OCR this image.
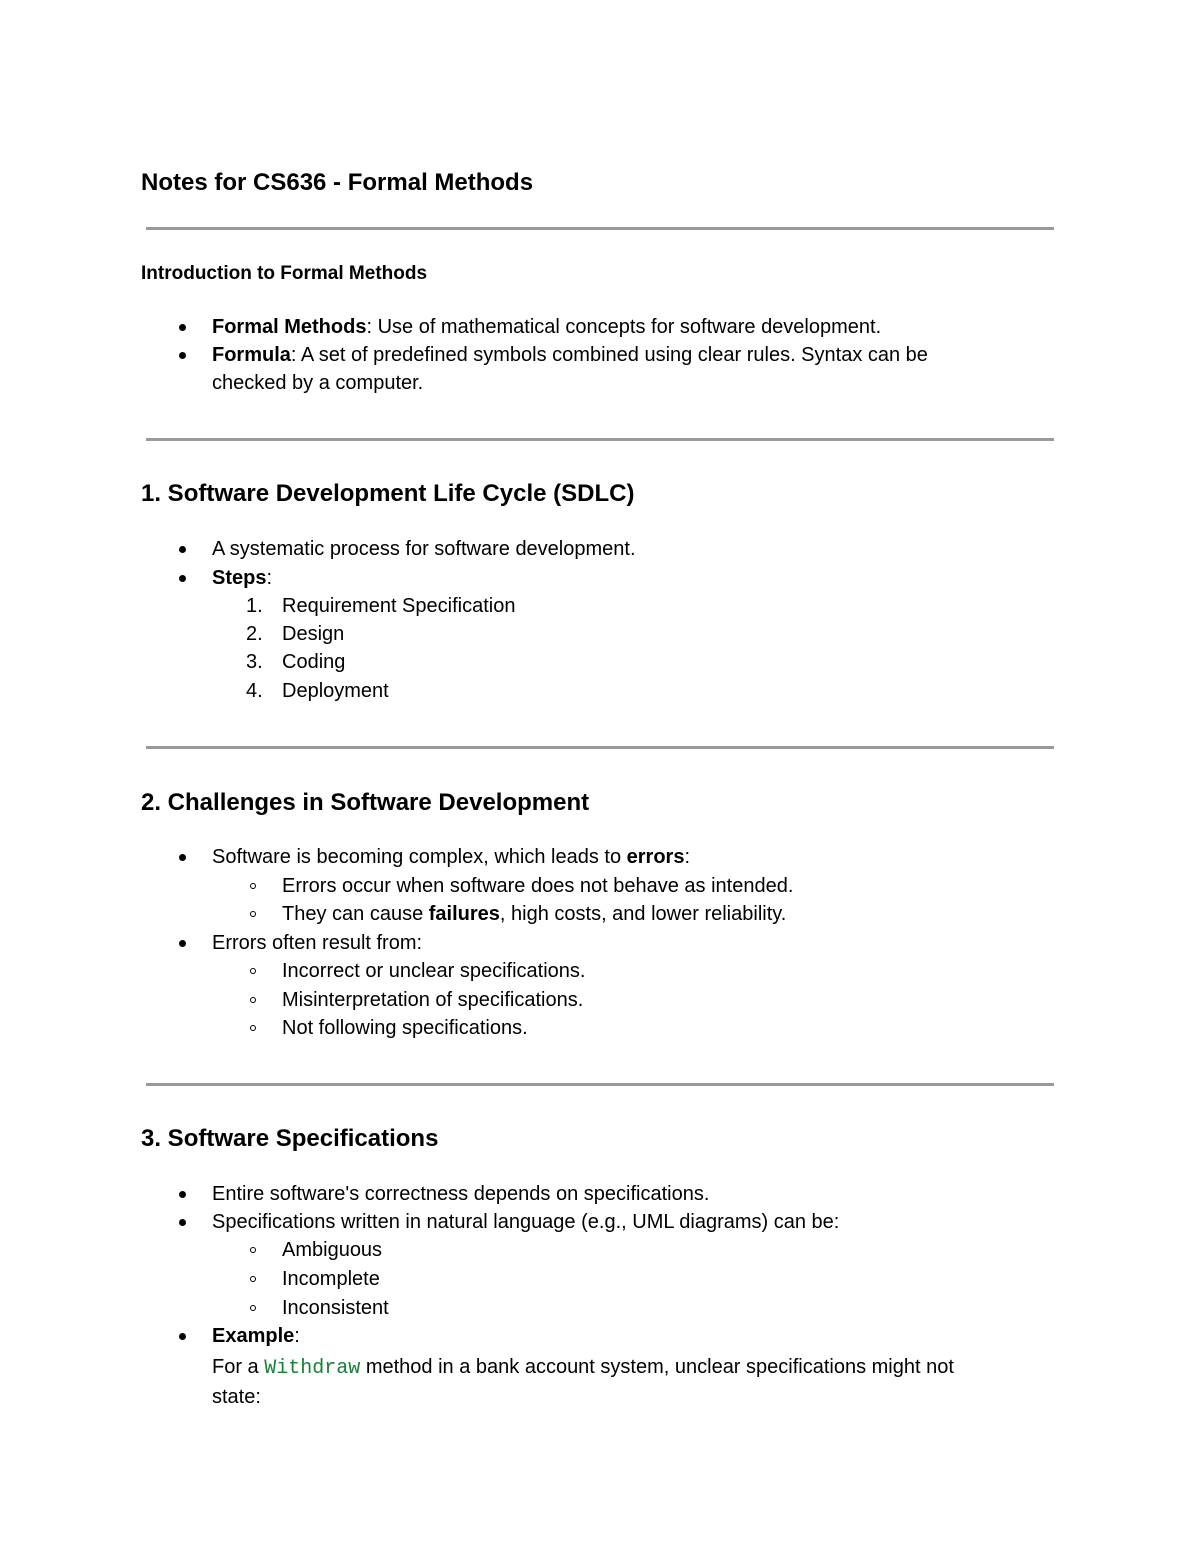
Notes for CS636 - Formal Methods
Introduction to Formal Methods
Formal Methods: Use of mathematical concepts for software development.
Formula: A set of predefined symbols combined using clear rules. Syntax can be
checked by a computer.
1. Software Development Life Cycle (SDLC)
A systematic process for software development.
Steps:
1. Requirement Specification
2. Design
3. Coding
4. Deployment
2. Challenges in Software Development
Software is becoming complex, which leads to errors:
Errors occur when software does not behave as intended.
They can cause failures, high costs, and lower reliability.
Errors often result from:
Incorrect or unclear specifications.
Misinterpretation of specifications.
Not following specifications.
3. Software Specifications
Entire software's correctness depends on specifications.
Specifications written in natural language (e.g., UML diagrams) can be:
Ambiguous
Incomplete
Inconsistent
Example:
For a Withdraw method in a bank account system, unclear specifications might not
state:
